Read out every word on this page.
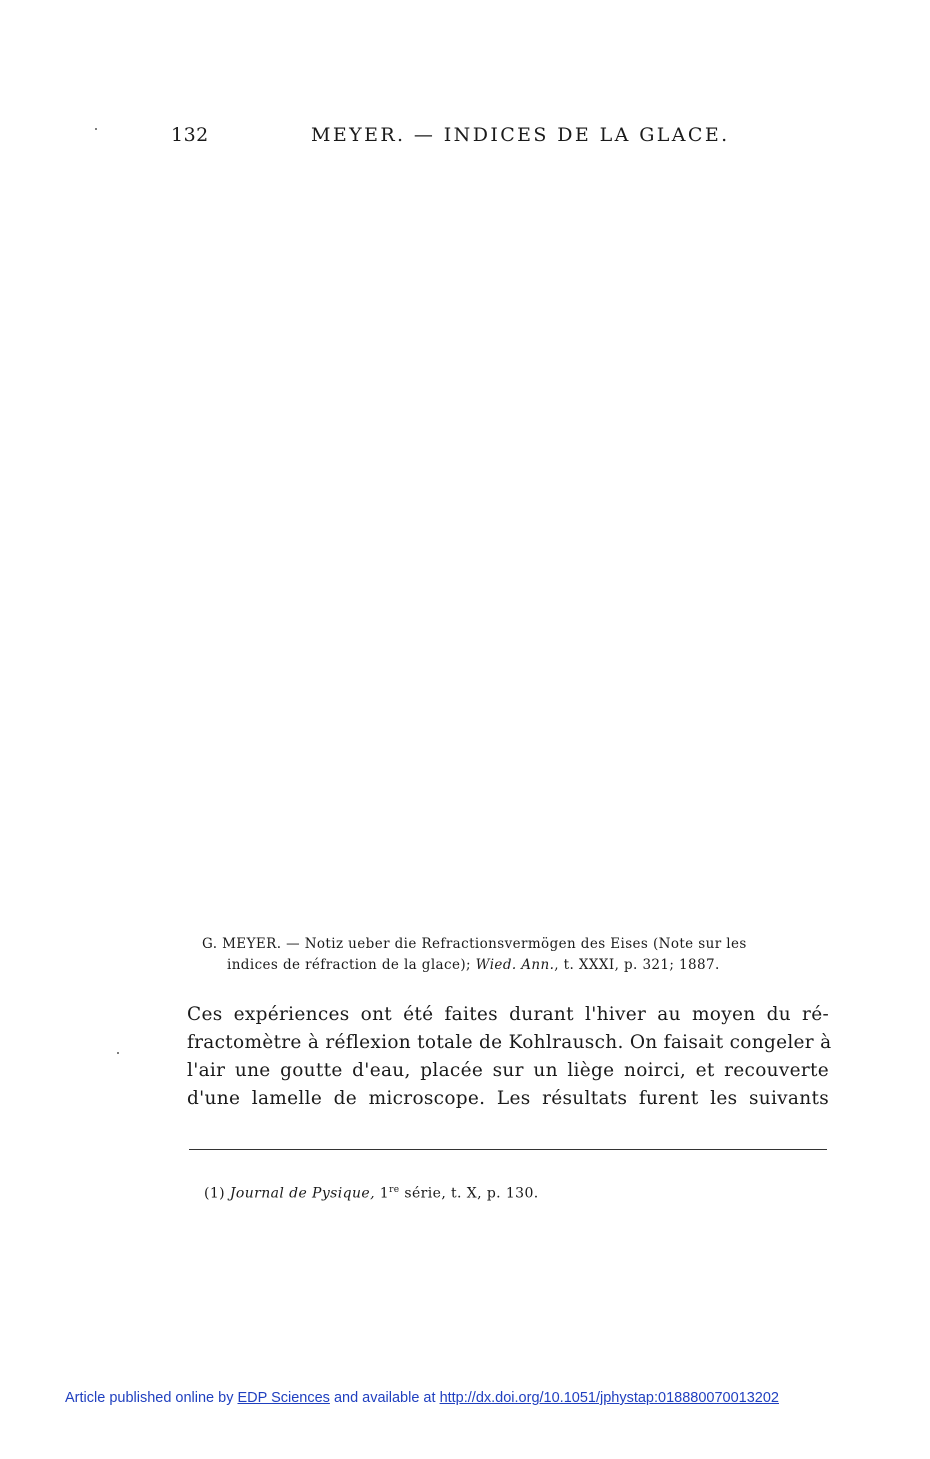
132	MEYER. — INDICES DE LA GLACE.
G. MEYER. — Notiz ueber die Refractionsvermögen des Eises (Note sur les
indices de réfraction de la glace); Wied. Ann., t. XXXI, p. 321; 1887.
Ces expériences ont été faites durant l'hiver au moyen du ré-
fractomètre à réflexion totale de Kohlrausch. On faisait congeler à
l'air une goutte d'eau, placée sur un liège noirci, et recouverte
d'une lamelle de microscope. Les résultats furent les suivants
(1) Journal de Pysique, 1re série, t. X, p. 130.
Article published online by EDP Sciences and available at http://dx.doi.org/10.1051/jphystap:018880070013202
